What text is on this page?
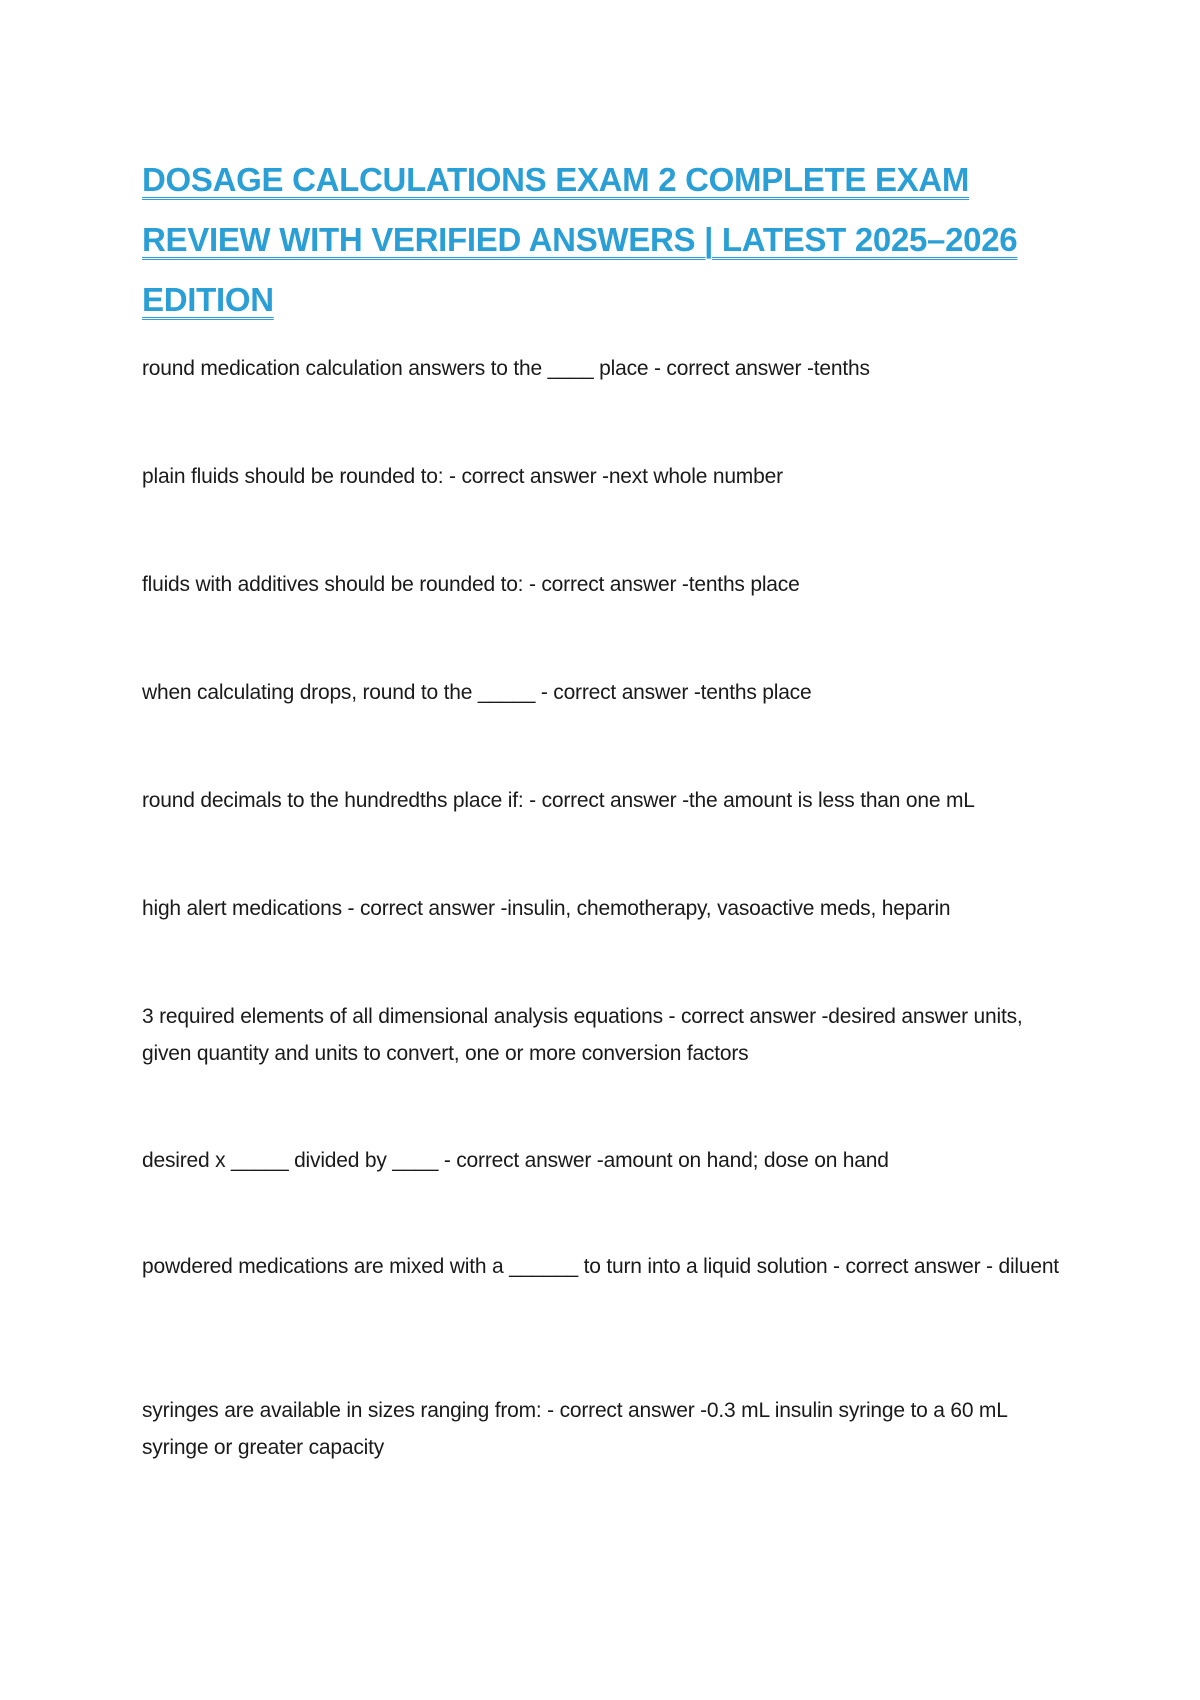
DOSAGE CALCULATIONS EXAM 2 COMPLETE EXAM REVIEW WITH VERIFIED ANSWERS | LATEST 2025–2026 EDITION

round medication calculation answers to the ____ place - correct answer -tenths

plain fluids should be rounded to: - correct answer -next whole number

fluids with additives should be rounded to: - correct answer -tenths place

when calculating drops, round to the _____ - correct answer -tenths place

round decimals to the hundredths place if: - correct answer -the amount is less than one mL

high alert medications - correct answer -insulin, chemotherapy, vasoactive meds, heparin

3 required elements of all dimensional analysis equations - correct answer -desired answer units, given quantity and units to convert, one or more conversion factors

desired x _____ divided by ____ - correct answer -amount on hand; dose on hand

powdered medications are mixed with a ______ to turn into a liquid solution - correct answer - diluent

syringes are available in sizes ranging from: - correct answer -0.3 mL insulin syringe to a 60 mL syringe or greater capacity
